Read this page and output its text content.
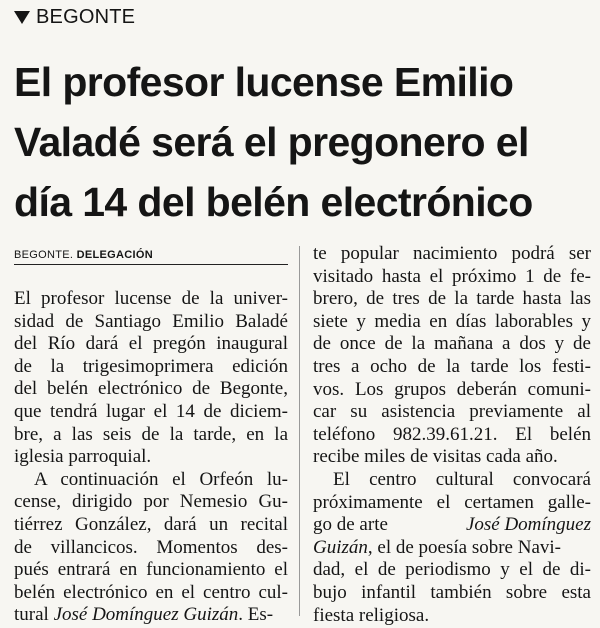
BEGONTE
El profesor lucense Emilio
Valadé será el pregonero el
día 14 del belén electrónico
BEGONTE. DELEGACIÓN
El profesor lucense de la univer-
sidad de Santiago Emilio Baladé
del Río dará el pregón inaugural
de la trigesimoprimera edición
del belén electrónico de Begonte,
que tendrá lugar el 14 de diciem-
bre, a las seis de la tarde, en la
iglesia parroquial.
A continuación el Orfeón lu-
cense, dirigido por Nemesio Gu-
tiérrez González, dará un recital
de villancicos. Momentos des-
pués entrará en funcionamiento el
belén electrónico en el centro cul-
tural José Domínguez Guizán. Es-
te popular nacimiento podrá ser
visitado hasta el próximo 1 de fe-
brero, de tres de la tarde hasta las
siete y media en días laborables y
de once de la mañana a dos y de
tres a ocho de la tarde los festi-
vos. Los grupos deberán comuni-
car su asistencia previamente al
teléfono 982.39.61.21. El belén
recibe miles de visitas cada año.
El centro cultural convocará
próximamente el certamen galle-
go de arte	José Domínguez
Guizán, el de poesía sobre Navi-
dad, el de periodismo y el de di-
bujo infantil también sobre esta
fiesta religiosa.
